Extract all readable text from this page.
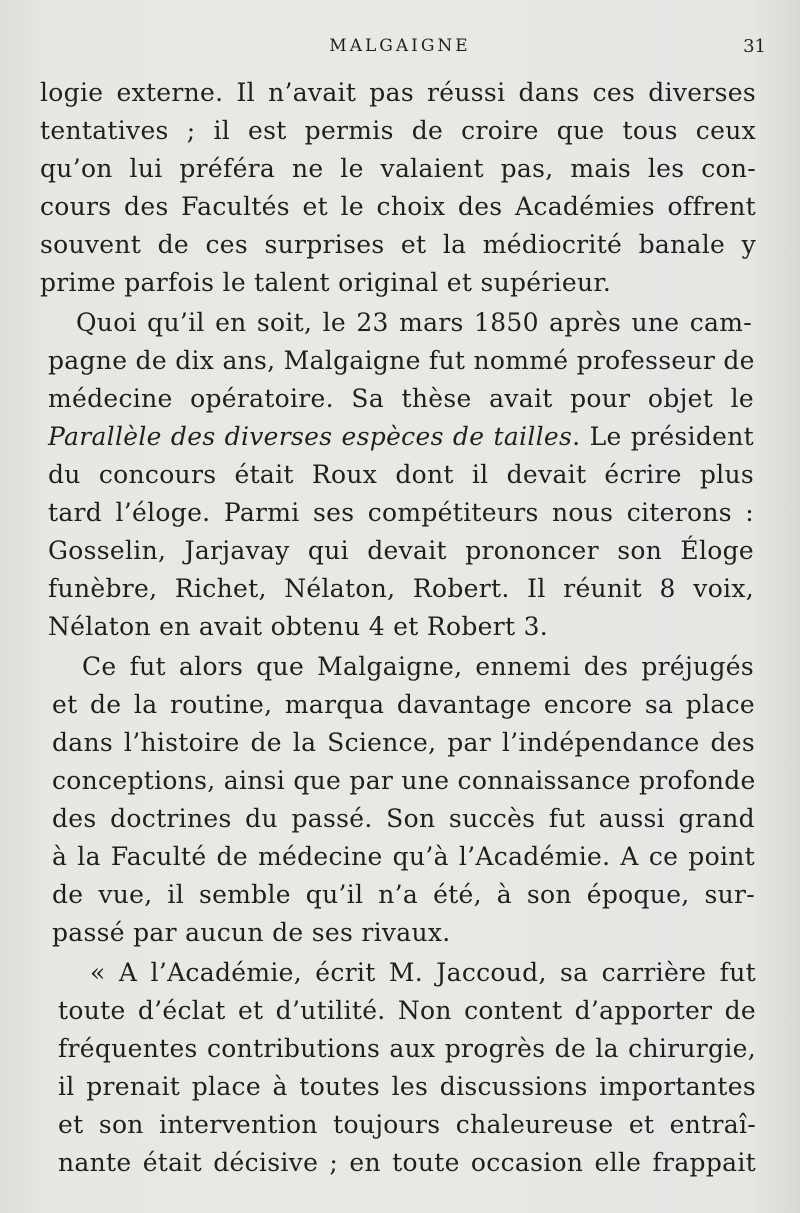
MALGAIGNE	31
logie externe. Il n’avait pas réussi dans ces diverses
tentatives ; il est permis de croire que tous ceux
qu’on lui préféra ne le valaient pas, mais les con-
cours des Facultés et le choix des Académies offrent
souvent de ces surprises et la médiocrité banale y
prime parfois le talent original et supérieur.
Quoi qu’il en soit, le 23 mars 1850 après une cam-
pagne de dix ans, Malgaigne fut nommé professeur de
médecine opératoire. Sa thèse avait pour objet le
Parallèle des diverses espèces de tailles. Le président
du concours était Roux dont il devait écrire plus
tard l’éloge. Parmi ses compétiteurs nous citerons :
Gosselin, Jarjavay qui devait prononcer son Éloge
funèbre, Richet, Nélaton, Robert. Il réunit 8 voix,
Nélaton en avait obtenu 4 et Robert 3.
Ce fut alors que Malgaigne, ennemi des préjugés
et de la routine, marqua davantage encore sa place
dans l’histoire de la Science, par l’indépendance des
conceptions, ainsi que par une connaissance profonde
des doctrines du passé. Son succès fut aussi grand
à la Faculté de médecine qu’à l’Académie. A ce point
de vue, il semble qu’il n’a été, à son époque, sur-
passé par aucun de ses rivaux.
« A l’Académie, écrit M. Jaccoud, sa carrière fut
toute d’éclat et d’utilité. Non content d’apporter de
fréquentes contributions aux progrès de la chirurgie,
il prenait place à toutes les discussions importantes
et son intervention toujours chaleureuse et entraî-
nante était décisive ; en toute occasion elle frappait
